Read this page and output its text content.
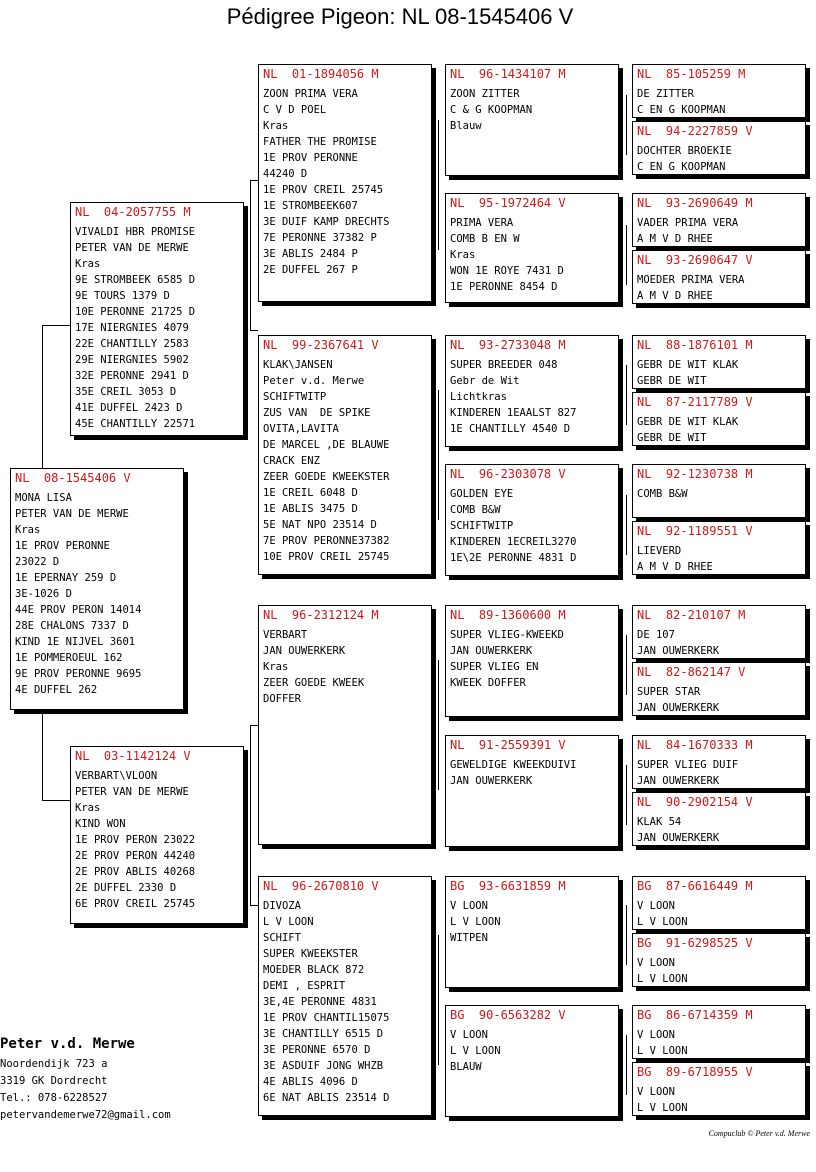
Pédigree Pigeon: NL 08-1545406 V
NL  08-1545406 V
MONA LISA
PETER VAN DE MERWE
Kras
1E PROV PERONNE
23022 D
1E EPERNAY 259 D
3E-1026 D
44E PROV PERON 14014
28E CHALONS 7337 D
KIND 1E NIJVEL 3601
1E POMMEROEUL 162
9E PROV PERONNE 9695
4E DUFFEL 262
NL  04-2057755 M
VIVALDI HBR PROMISE
PETER VAN DE MERWE
Kras
9E STROMBEEK 6585 D
9E TOURS 1379 D
10E PERONNE 21725 D
17E NIERGNIES 4079
22E CHANTILLY 2583
29E NIERGNIES 5902
32E PERONNE 2941 D
35E CREIL 3053 D
41E DUFFEL 2423 D
45E CHANTILLY 22571
NL  03-1142124 V
VERBART\VLOON
PETER VAN DE MERWE
Kras
KIND WON
1E PROV PERON 23022
2E PROV PERON 44240
2E PROV ABLIS 40268
2E DUFFEL 2330 D
6E PROV CREIL 25745
NL  01-1894056 M
ZOON PRIMA VERA
C V D POEL
Kras
FATHER THE PROMISE
1E PROV PERONNE
44240 D
1E PROV CREIL 25745
1E STROMBEEK607
3E DUIF KAMP DRECHTS
7E PERONNE 37382 P
3E ABLIS 2484 P
2E DUFFEL 267 P
NL  99-2367641 V
KLAK\JANSEN
Peter v.d. Merwe
SCHIFTWITP
ZUS VAN  DE SPIKE
OVITA,LAVITA
DE MARCEL ,DE BLAUWE
CRACK ENZ
ZEER GOEDE KWEEKSTER
1E CREIL 6048 D
1E ABLIS 3475 D
5E NAT NPO 23514 D
7E PROV PERONNE37382
10E PROV CREIL 25745
NL  96-2312124 M
VERBART
JAN OUWERKERK
Kras
ZEER GOEDE KWEEK
DOFFER
NL  96-2670810 V
DIVOZA
L V LOON
SCHIFT
SUPER KWEEKSTER
MOEDER BLACK 872
DEMI , ESPRIT
3E,4E PERONNE 4831
1E PROV CHANTIL15075
3E CHANTILLY 6515 D
3E PERONNE 6570 D
3E ASDUIF JONG WHZB
4E ABLIS 4096 D
6E NAT ABLIS 23514 D
NL  96-1434107 M
ZOON ZITTER
C & G KOOPMAN
Blauw
NL  95-1972464 V
PRIMA VERA
COMB B EN W
Kras
WON 1E ROYE 7431 D
1E PERONNE 8454 D
NL  93-2733048 M
SUPER BREEDER 048
Gebr de Wit
Lichtkras
KINDEREN 1EAALST 827
1E CHANTILLY 4540 D
NL  96-2303078 V
GOLDEN EYE
COMB B&W
SCHIFTWITP
KINDEREN 1ECREIL3270
1E\2E PERONNE 4831 D
NL  89-1360600 M
SUPER VLIEG-KWEEKD
JAN OUWERKERK
SUPER VLIEG EN
KWEEK DOFFER
NL  91-2559391 V
GEWELDIGE KWEEKDUIVI
JAN OUWERKERK
BG  93-6631859 M
V LOON
L V LOON
WITPEN
BG  90-6563282 V
V LOON
L V LOON
BLAUW
NL  85-105259 M
DE ZITTER
C EN G KOOPMAN
NL  94-2227859 V
DOCHTER BROEKIE
C EN G KOOPMAN
NL  93-2690649 M
VADER PRIMA VERA
A M V D RHEE
NL  93-2690647 V
MOEDER PRIMA VERA
A M V D RHEE
NL  88-1876101 M
GEBR DE WIT KLAK
GEBR DE WIT
NL  87-2117789 V
GEBR DE WIT KLAK
GEBR DE WIT
NL  92-1230738 M
COMB B&W
NL  92-1189551 V
LIEVERD
A M V D RHEE
NL  82-210107 M
DE 107
JAN OUWERKERK
NL  82-862147 V
SUPER STAR
JAN OUWERKERK
NL  84-1670333 M
SUPER VLIEG DUIF
JAN OUWERKERK
NL  90-2902154 V
KLAK 54
JAN OUWERKERK
BG  87-6616449 M
V LOON
L V LOON
BG  91-6298525 V
V LOON
L V LOON
BG  86-6714359 M
V LOON
L V LOON
BG  89-6718955 V
V LOON
L V LOON
Peter v.d. Merwe
Noordendijk 723 a
3319 GK Dordrecht
Tel.: 078-6228527
petervandemerwe72@gmail.com
Compuclub © Peter v.d. Merwe
